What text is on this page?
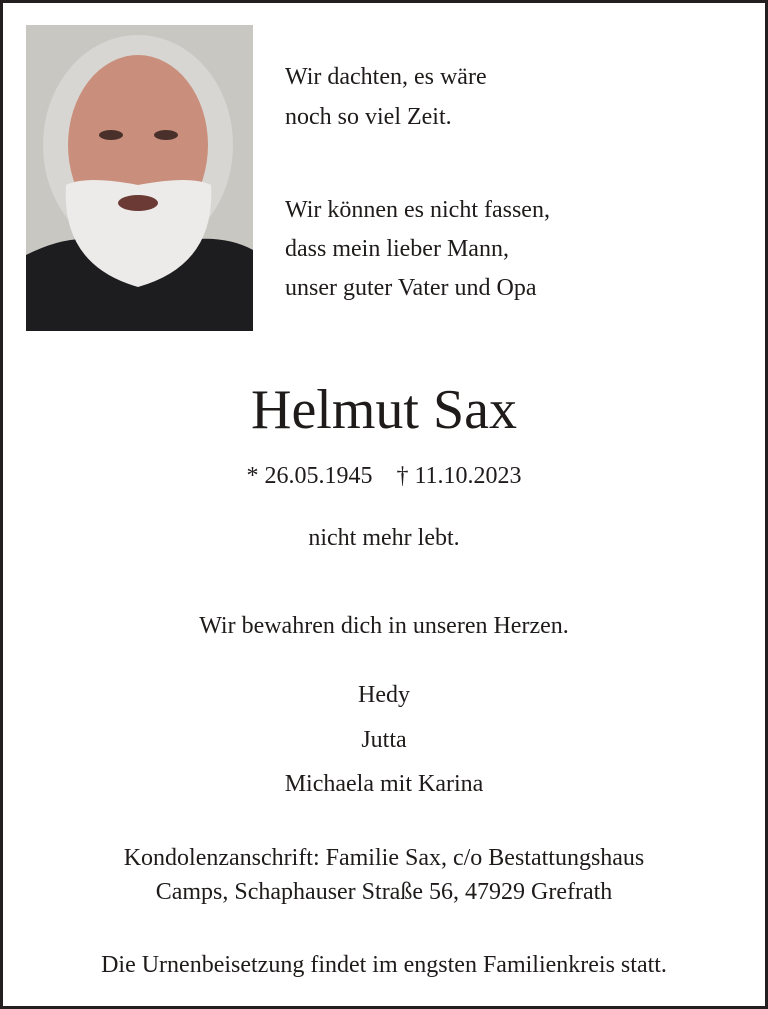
Wir dachten, es wäre
noch so viel Zeit.
Wir können es nicht fassen,
dass mein lieber Mann,
unser guter Vater und Opa
Helmut Sax
* 26.05.1945 † 11.10.2023
nicht mehr lebt.
Wir bewahren dich in unseren Herzen.
Hedy
Jutta
Michaela mit Karina
Kondolenzanschrift: Familie Sax, c/o Bestattungshaus
Camps, Schaphauser Straße 56, 47929 Grefrath
Die Urnenbeisetzung findet im engsten Familienkreis statt.
